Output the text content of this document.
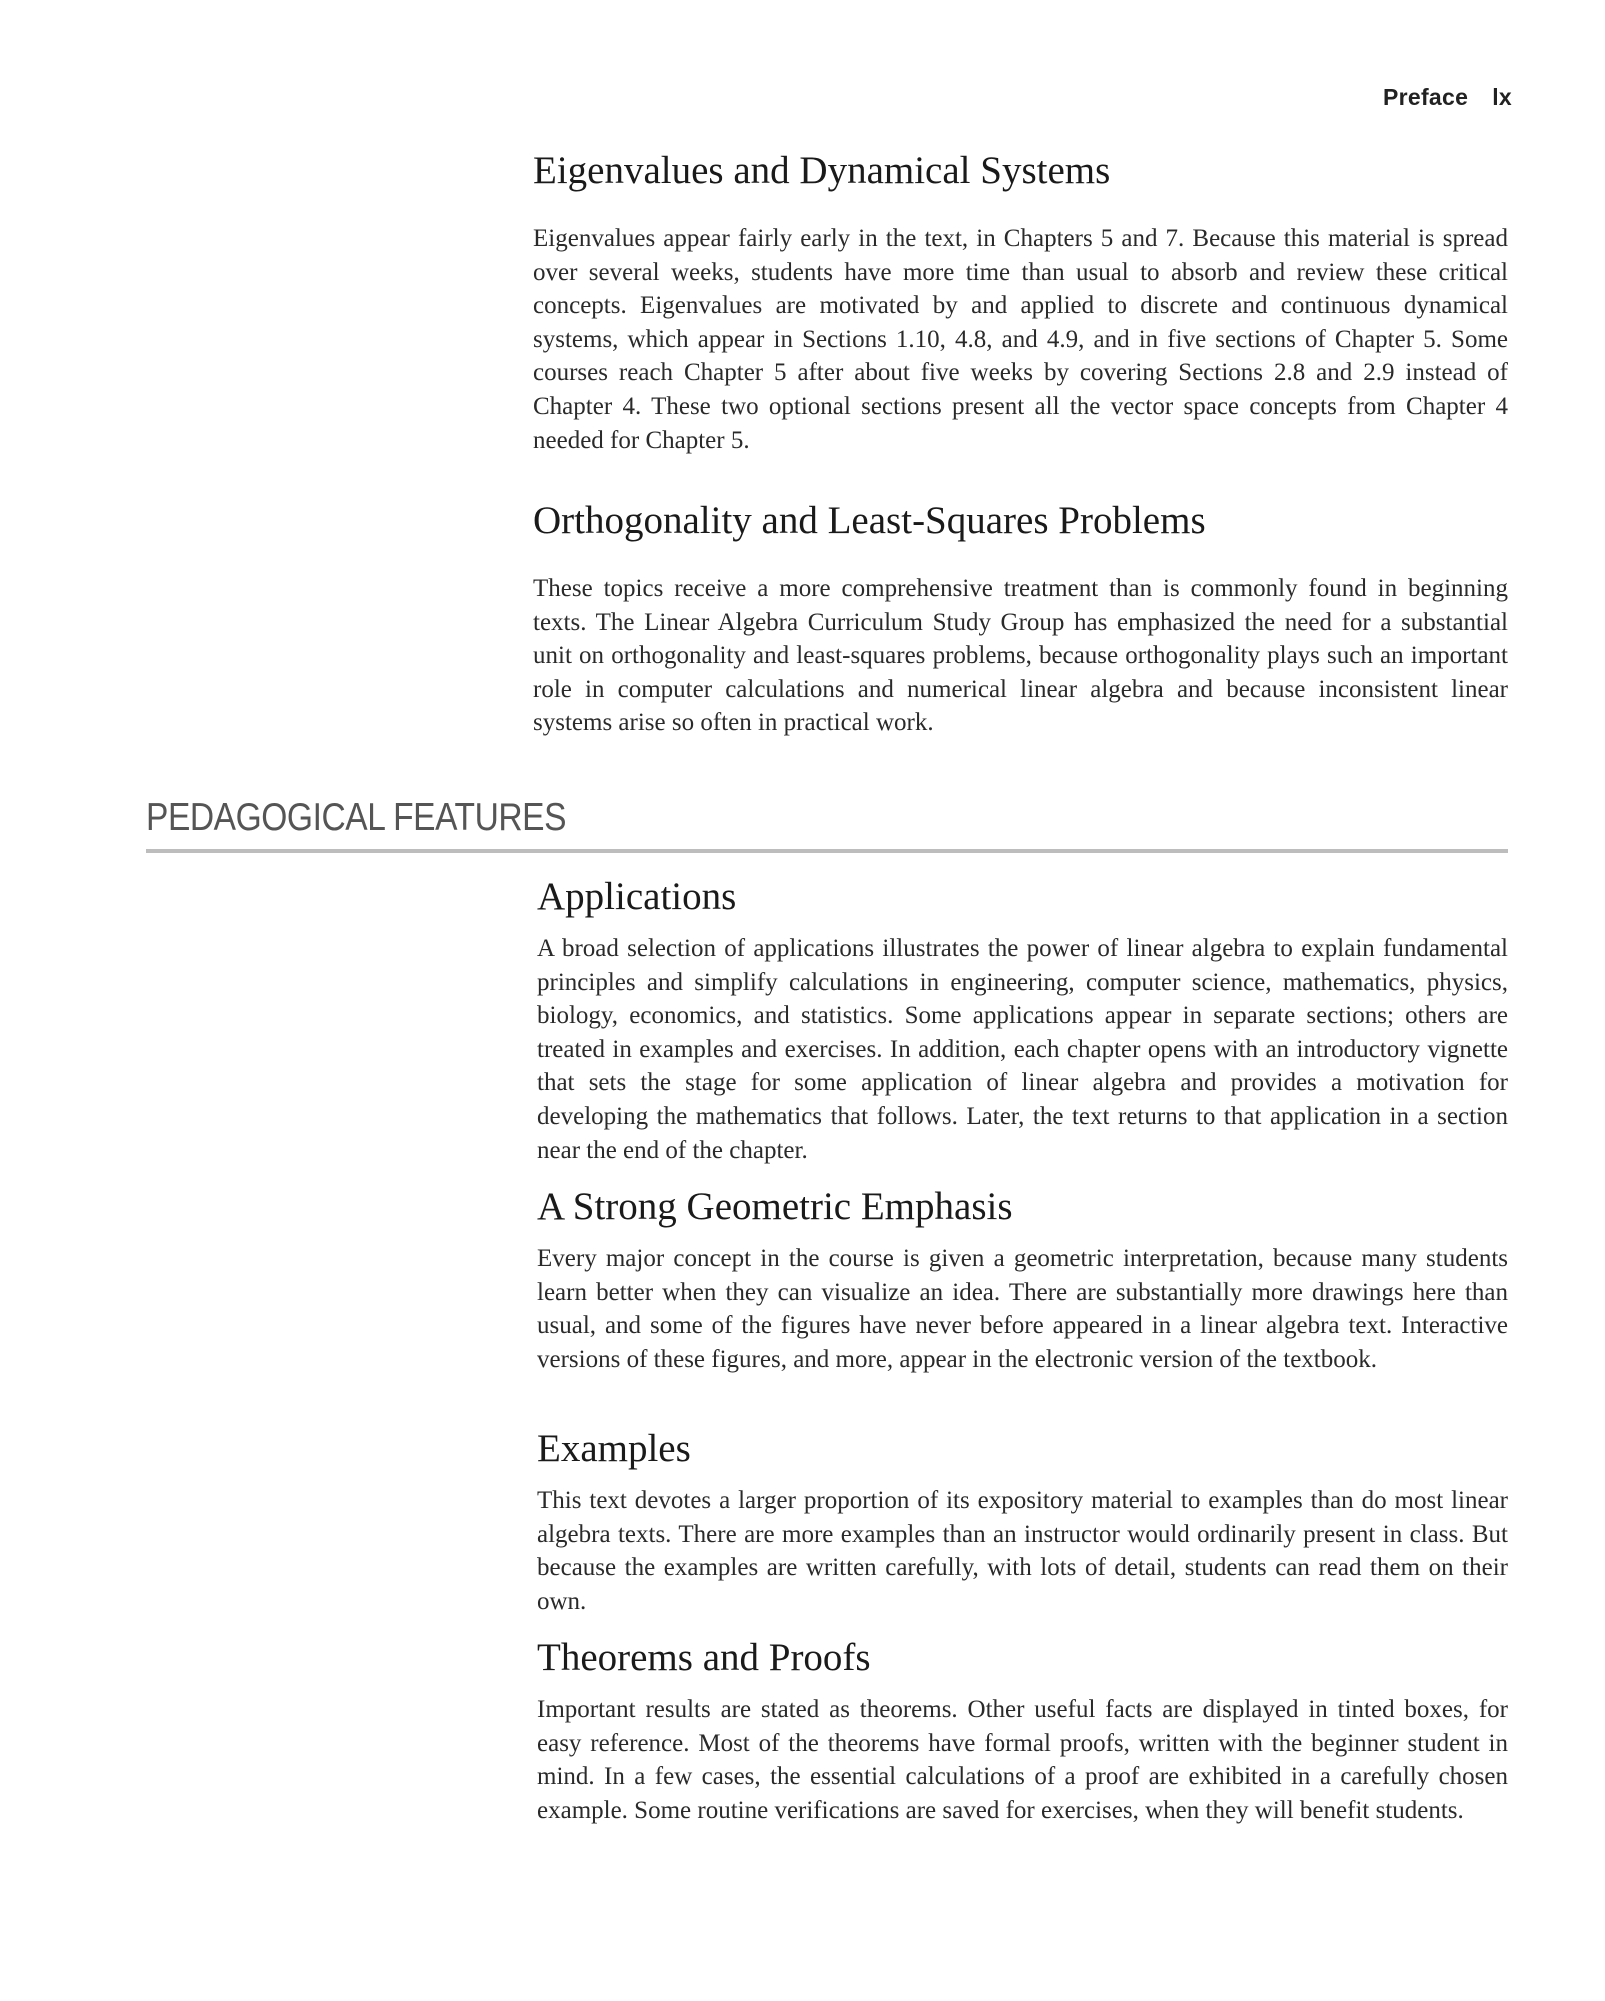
Preface lx
Eigenvalues and Dynamical Systems

Eigenvalues appear fairly early in the text, in Chapters 5 and 7. Because this material is spread over several weeks, students have more time than usual to absorb and review these critical concepts. Eigenvalues are motivated by and applied to discrete and continuous dynamical systems, which appear in Sections 1.10, 4.8, and 4.9, and in five sections of Chapter 5. Some courses reach Chapter 5 after about five weeks by covering Sections 2.8 and 2.9 instead of Chapter 4. These two optional sections present all the vector space concepts from Chapter 4 needed for Chapter 5.

Orthogonality and Least-Squares Problems

These topics receive a more comprehensive treatment than is commonly found in beginning texts. The Linear Algebra Curriculum Study Group has emphasized the need for a substantial unit on orthogonality and least-squares problems, because orthogonality plays such an important role in computer calculations and numerical linear algebra and because inconsistent linear systems arise so often in practical work.

PEDAGOGICAL FEATURES
Applications

A broad selection of applications illustrates the power of linear algebra to explain fundamental principles and simplify calculations in engineering, computer science, mathematics, physics, biology, economics, and statistics. Some applications appear in separate sections; others are treated in examples and exercises. In addition, each chapter opens with an introductory vignette that sets the stage for some application of linear algebra and provides a motivation for developing the mathematics that follows. Later, the text returns to that application in a section near the end of the chapter.

A Strong Geometric Emphasis

Every major concept in the course is given a geometric interpretation, because many students learn better when they can visualize an idea. There are substantially more drawings here than usual, and some of the figures have never before appeared in a linear algebra text. Interactive versions of these figures, and more, appear in the electronic version of the textbook.

Examples

This text devotes a larger proportion of its expository material to examples than do most linear algebra texts. There are more examples than an instructor would ordinarily present in class. But because the examples are written carefully, with lots of detail, students can read them on their own.

Theorems and Proofs

Important results are stated as theorems. Other useful facts are displayed in tinted boxes, for easy reference. Most of the theorems have formal proofs, written with the beginner student in mind. In a few cases, the essential calculations of a proof are exhibited in a carefully chosen example. Some routine verifications are saved for exercises, when they will benefit students.
